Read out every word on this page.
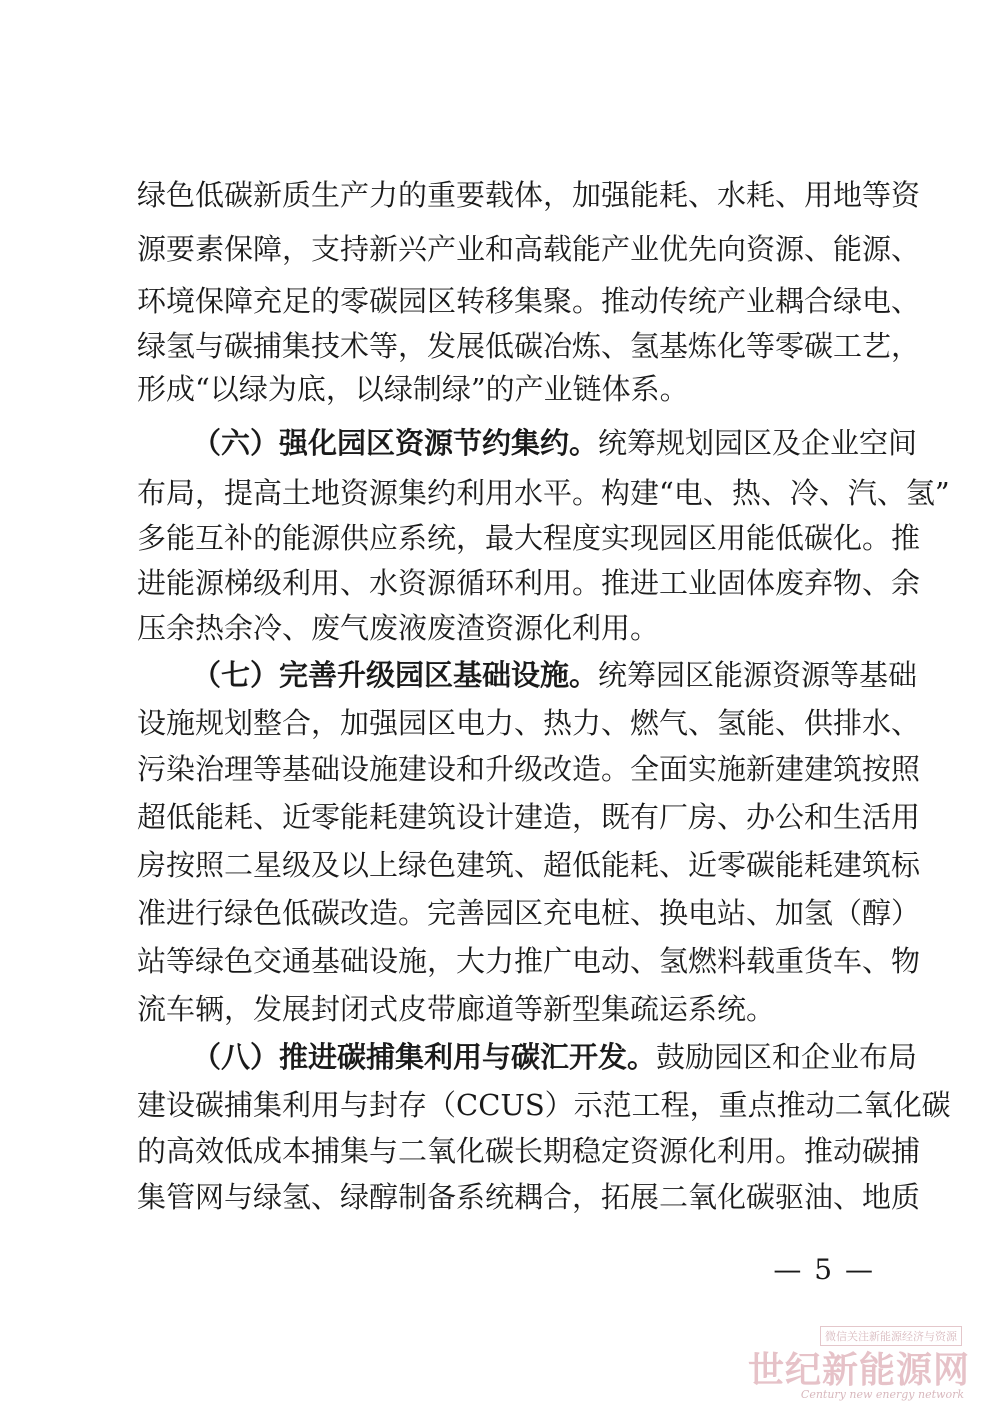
绿色低碳新质生产力的重要载体，加强能耗、水耗、用地等资
源要素保障，支持新兴产业和高载能产业优先向资源、能源、
环境保障充足的零碳园区转移集聚。推动传统产业耦合绿电、
绿氢与碳捕集技术等，发展低碳冶炼、氢基炼化等零碳工艺，
形成“以绿为底，以绿制绿”的产业链体系。
（六）强化园区资源节约集约。统筹规划园区及企业空间
布局，提高土地资源集约利用水平。构建“电、热、冷、汽、氢”
多能互补的能源供应系统，最大程度实现园区用能低碳化。推
进能源梯级利用、水资源循环利用。推进工业固体废弃物、余
压余热余冷、废气废液废渣资源化利用。
（七）完善升级园区基础设施。统筹园区能源资源等基础
设施规划整合，加强园区电力、热力、燃气、氢能、供排水、
污染治理等基础设施建设和升级改造。全面实施新建建筑按照
超低能耗、近零能耗建筑设计建造，既有厂房、办公和生活用
房按照二星级及以上绿色建筑、超低能耗、近零碳能耗建筑标
准进行绿色低碳改造。完善园区充电桩、换电站、加氢（醇）
站等绿色交通基础设施，大力推广电动、氢燃料载重货车、物
流车辆，发展封闭式皮带廊道等新型集疏运系统。
（八）推进碳捕集利用与碳汇开发。鼓励园区和企业布局
建设碳捕集利用与封存（CCUS）示范工程，重点推动二氧化碳
的高效低成本捕集与二氧化碳长期稳定资源化利用。推动碳捕
集管网与绿氢、绿醇制备系统耦合，拓展二氧化碳驱油、地质
— 5 —
微信关注新能源经济与资源
世纪新能源网
Century new energy network
